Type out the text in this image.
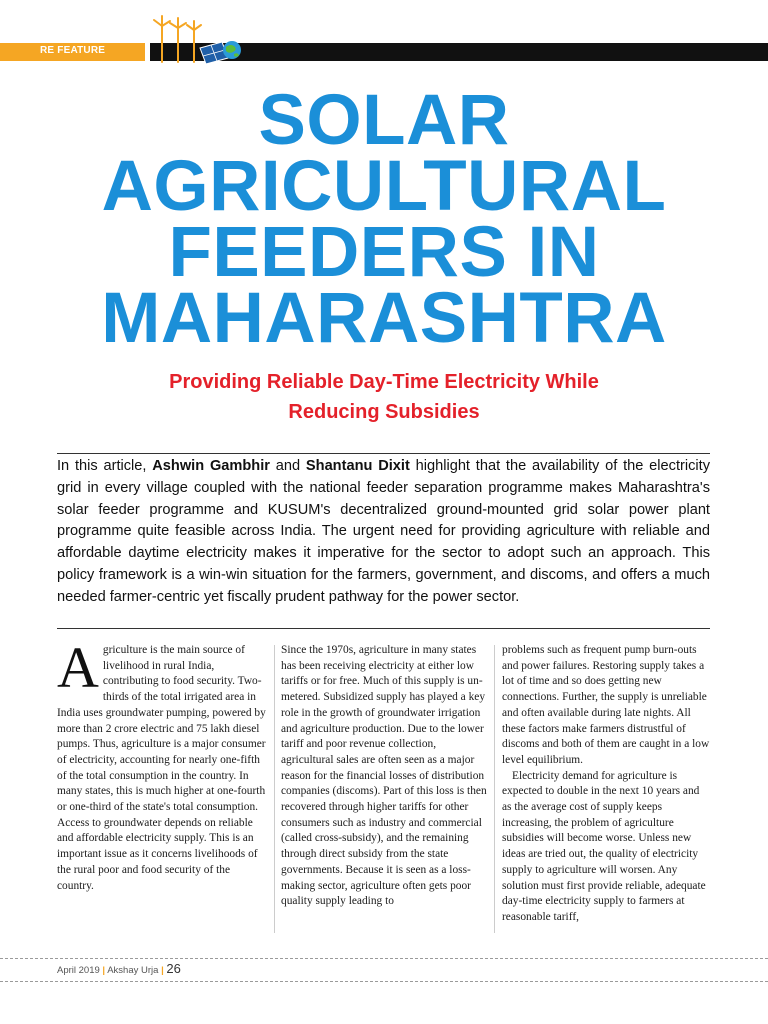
RE FEATURE
SOLAR
AGRICULTURAL
FEEDERS IN
MAHARASHTRA
Providing Reliable Day-Time Electricity While
Reducing Subsidies
In this article, Ashwin Gambhir and Shantanu Dixit highlight that the availability of the electricity grid in every village coupled with the national feeder separation programme makes Maharashtra's solar feeder programme and KUSUM's decentralized ground-mounted grid solar power plant programme quite feasible across India. The urgent need for providing agriculture with reliable and affordable daytime electricity makes it imperative for the sector to adopt such an approach. This policy framework is a win-win situation for the farmers, government, and discoms, and offers a much needed farmer-centric yet fiscally prudent pathway for the power sector.
Agriculture is the main source of livelihood in rural India, contributing to food security. Two-thirds of the total irrigated area in India uses groundwater pumping, powered by more than 2 crore electric and 75 lakh diesel pumps. Thus, agriculture is a major consumer of electricity, accounting for nearly one-fifth of the total consumption in the country. In many states, this is much higher at one-fourth or one-third of the state's total consumption. Access to groundwater depends on reliable and affordable electricity supply. This is an important issue as it concerns livelihoods of the rural poor and food security of the country.
Since the 1970s, agriculture in many states has been receiving electricity at either low tariffs or for free. Much of this supply is un-metered. Subsidized supply has played a key role in the growth of groundwater irrigation and agriculture production. Due to the lower tariff and poor revenue collection, agricultural sales are often seen as a major reason for the financial losses of distribution companies (discoms). Part of this loss is then recovered through higher tariffs for other consumers such as industry and commercial (called cross-subsidy), and the remaining through direct subsidy from the state governments. Because it is seen as a loss-making sector, agriculture often gets poor quality supply leading to
problems such as frequent pump burn-outs and power failures. Restoring supply takes a lot of time and so does getting new connections. Further, the supply is unreliable and often available during late nights. All these factors make farmers distrustful of discoms and both of them are caught in a low level equilibrium.
Electricity demand for agriculture is expected to double in the next 10 years and as the average cost of supply keeps increasing, the problem of agriculture subsidies will become worse. Unless new ideas are tried out, the quality of electricity supply to agriculture will worsen. Any solution must first provide reliable, adequate day-time electricity supply to farmers at reasonable tariff,
April 2019 | Akshay Urja | 26
